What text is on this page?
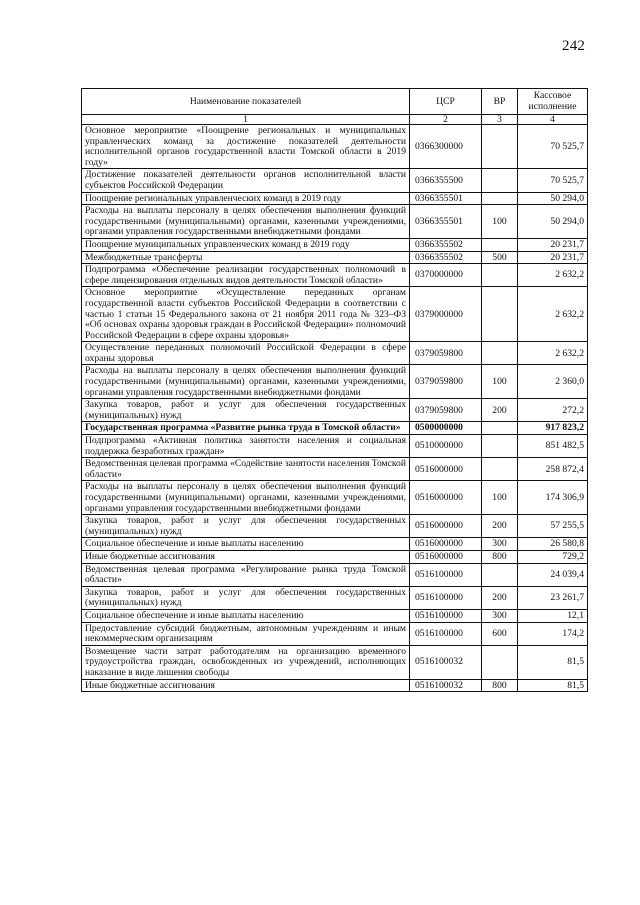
242
Наименование показателей	ЦСР	ВР	Кассовое исполнение
1	2	3	4
Основное мероприятие «Поощрение региональных и муниципальных управленческих команд за достижение показателей деятельности исполнительной органов государственной власти Томской области в 2019 году»	0366300000		70 525,7
Достижение показателей деятельности органов исполнительной власти субъектов Российской Федерации	0366355500		70 525,7
Поощрение региональных управленческих команд в 2019 году	0366355501		50 294,0
Расходы на выплаты персоналу в целях обеспечения выполнения функций государственными (муниципальными) органами, казенными учреждениями, органами управления государственными внебюджетными фондами	0366355501	100	50 294,0
Поощрение муниципальных управленческих команд в 2019 году	0366355502		20 231,7
Межбюджетные трансферты	0366355502	500	20 231,7
Подпрограмма «Обеспечение реализации государственных полномочий в сфере лицензирования отдельных видов деятельности Томской области»	0370000000		2 632,2
Основное мероприятие «Осуществление переданных органам государственной власти субъектов Российской Федерации в соответствии с частью 1 статьи 15 Федерального закона от 21 ноября 2011 года № 323–ФЗ «Об основах охраны здоровья граждан в Российской Федерации» полномочий Российской Федерации в сфере охраны здоровья»	0379000000		2 632,2
Осуществление переданных полномочий Российской Федерации в сфере охраны здоровья	0379059800		2 632,2
Расходы на выплаты персоналу в целях обеспечения выполнения функций государственными (муниципальными) органами, казенными учреждениями, органами управления государственными внебюджетными фондами	0379059800	100	2 360,0
Закупка товаров, работ и услуг для обеспечения государственных (муниципальных) нужд	0379059800	200	272,2
Государственная программа «Развитие рынка труда в Томской области»	0500000000		917 823,2
Подпрограмма «Активная политика занятости населения и социальная поддержка безработных граждан»	0510000000		851 482,5
Ведомственная целевая программа «Содействие занятости населения Томской области»	0516000000		258 872,4
Расходы на выплаты персоналу в целях обеспечения выполнения функций государственными (муниципальными) органами, казенными учреждениями, органами управления государственными внебюджетными фондами	0516000000	100	174 306,9
Закупка товаров, работ и услуг для обеспечения государственных (муниципальных) нужд	0516000000	200	57 255,5
Социальное обеспечение и иные выплаты населению	0516000000	300	26 580,8
Иные бюджетные ассигнования	0516000000	800	729,2
Ведомственная целевая программа «Регулирование рынка труда Томской области»	0516100000		24 039,4
Закупка товаров, работ и услуг для обеспечения государственных (муниципальных) нужд	0516100000	200	23 261,7
Социальное обеспечение и иные выплаты населению	0516100000	300	12,1
Предоставление субсидий бюджетным, автономным учреждениям и иным некоммерческим организациям	0516100000	600	174,2
Возмещение части затрат работодателям на организацию временного трудоустройства граждан, освобожденных из учреждений, исполняющих наказание в виде лишения свободы	0516100032		81,5
Иные бюджетные ассигнования	0516100032	800	81,5
